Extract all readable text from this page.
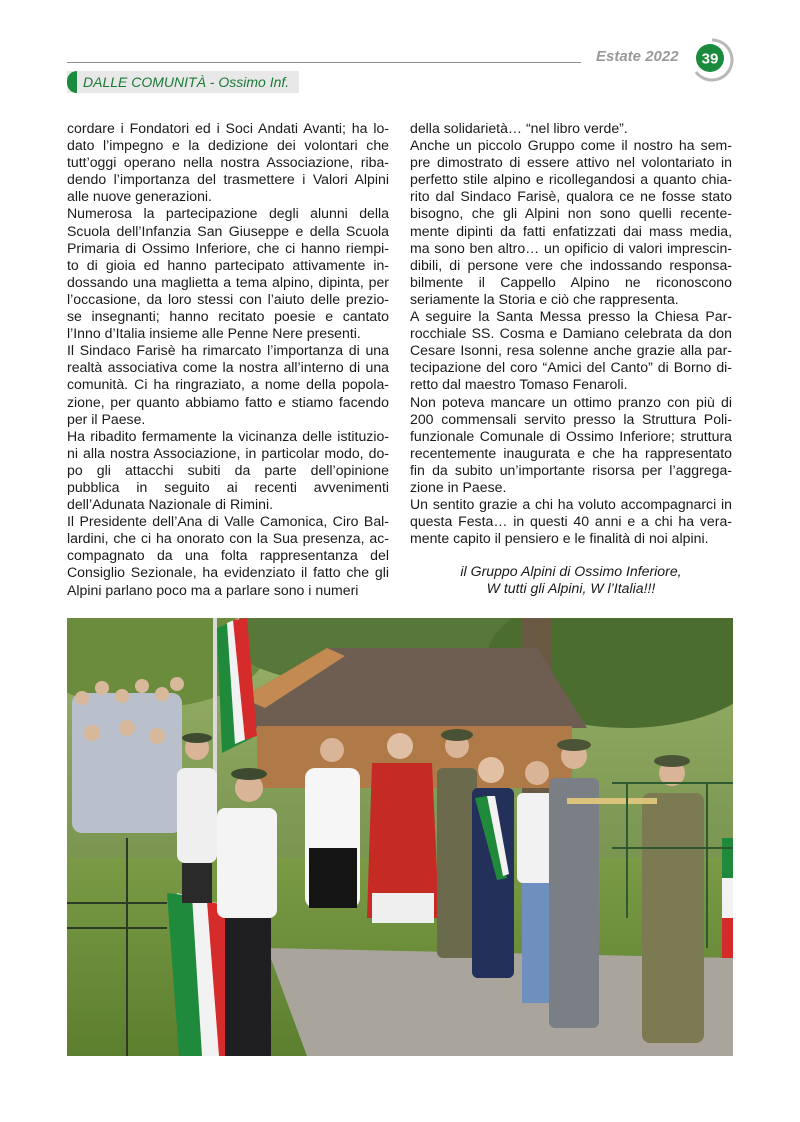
Estate 2022 39
DALLE COMUNITÀ - Ossimo Inf.
cordare i Fondatori ed i Soci Andati Avanti; ha lo-
dato l’impegno e la dedizione dei volontari che
tutt’oggi operano nella nostra Associazione, riba-
dendo l’importanza del trasmettere i Valori Alpini
alle nuove generazioni.
Numerosa la partecipazione degli alunni della
Scuola dell’Infanzia San Giuseppe e della Scuola
Primaria di Ossimo Inferiore, che ci hanno riempi-
to di gioia ed hanno partecipato attivamente in-
dossando una maglietta a tema alpino, dipinta, per
l’occasione, da loro stessi con l’aiuto delle prezio-
se insegnanti; hanno recitato poesie e cantato
l’Inno d’Italia insieme alle Penne Nere presenti.
Il Sindaco Farisè ha rimarcato l’importanza di una
realtà associativa come la nostra all’interno di una
comunità. Ci ha ringraziato, a nome della popola-
zione, per quanto abbiamo fatto e stiamo facendo
per il Paese.
Ha ribadito fermamente la vicinanza delle istituzio-
ni alla nostra Associazione, in particolar modo, do-
po gli attacchi subiti da parte dell’opinione
pubblica in seguito ai recenti avvenimenti
dell’Adunata Nazionale di Rimini.
Il Presidente dell’Ana di Valle Camonica, Ciro Bal-
lardini, che ci ha onorato con la Sua presenza, ac-
compagnato da una folta rappresentanza del
Consiglio Sezionale, ha evidenziato il fatto che gli
Alpini parlano poco ma a parlare sono i numeri
della solidarietà… “nel libro verde”.
Anche un piccolo Gruppo come il nostro ha sem-
pre dimostrato di essere attivo nel volontariato in
perfetto stile alpino e ricollegandosi a quanto chia-
rito dal Sindaco Farisè, qualora ce ne fosse stato
bisogno, che gli Alpini non sono quelli recente-
mente dipinti da fatti enfatizzati dai mass media,
ma sono ben altro… un opificio di valori imprescin-
dibili, di persone vere che indossando responsa-
bilmente il Cappello Alpino ne riconoscono
seriamente la Storia e ciò che rappresenta.
A seguire la Santa Messa presso la Chiesa Par-
rocchiale SS. Cosma e Damiano celebrata da don
Cesare Isonni, resa solenne anche grazie alla par-
tecipazione del coro “Amici del Canto” di Borno di-
retto dal maestro Tomaso Fenaroli.
Non poteva mancare un ottimo pranzo con più di
200 commensali servito presso la Struttura Poli-
funzionale Comunale di Ossimo Inferiore; struttura
recentemente inaugurata e che ha rappresentato
fin da subito un’importante risorsa per l’aggrega-
zione in Paese.
Un sentito grazie a chi ha voluto accompagnarci in
questa Festa… in questi 40 anni e a chi ha vera-
mente capito il pensiero e le finalità di noi alpini.
il Gruppo Alpini di Ossimo Inferiore,
W tutti gli Alpini, W l’Italia!!!
